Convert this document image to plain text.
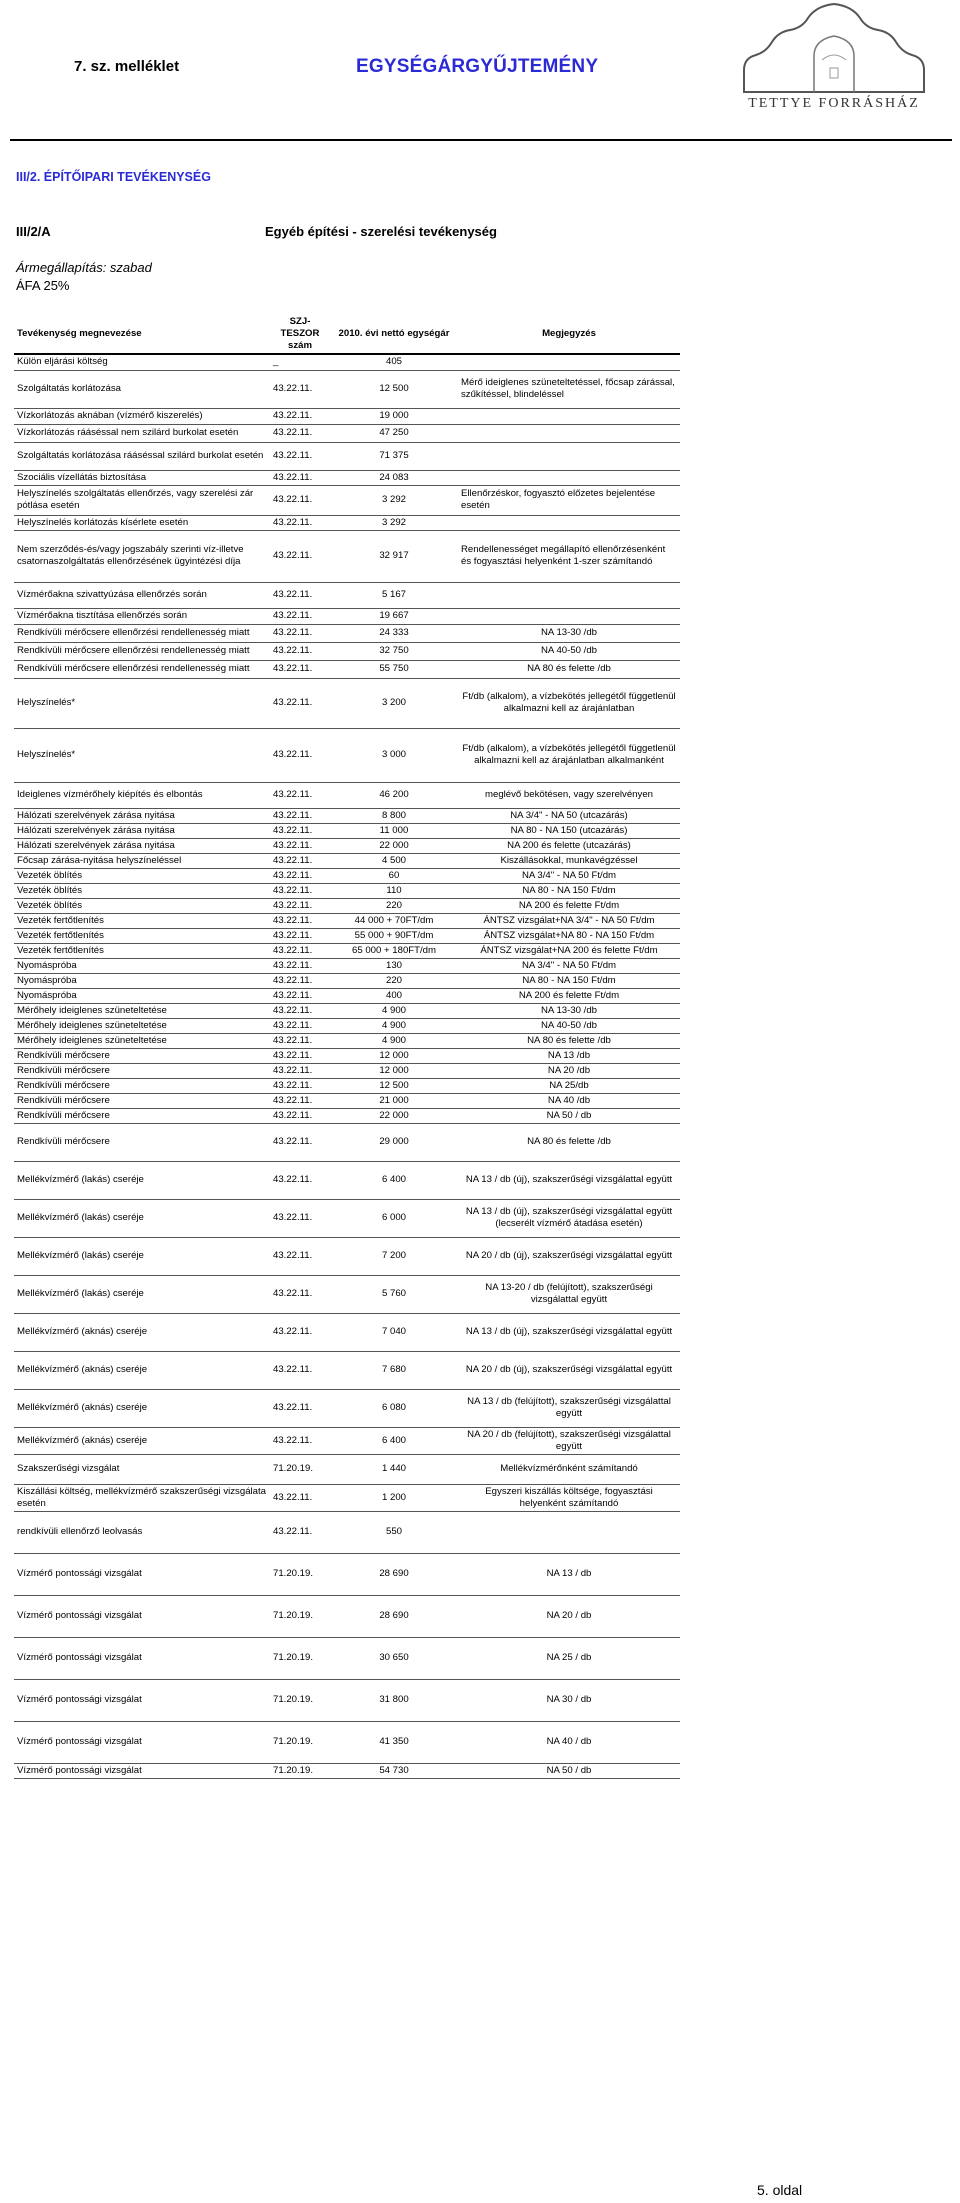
7. sz. melléklet	EGYSÉGÁRGYŰJTEMÉNY
TETTYE FORRÁSHÁZ
III/2. ÉPÍTŐIPARI TEVÉKENYSÉG
III/2/A	Egyéb építési - szerelési tevékenység
Ármegállapítás: szabad
ÁFA 25%
Tevékenység megnevezése	SZJ-TESZOR szám	2010. évi nettó egységár	Megjegyzés
Külön eljárási költség	_	405	
Szolgáltatás korlátozása	43.22.11.	12 500	Mérő ideiglenes szüneteltetéssel, főcsap zárással, szűkítéssel, blindeléssel
Vízkorlátozás aknában (vízmérő kiszerelés)	43.22.11.	19 000	
Vízkorlátozás rááséssal nem szilárd burkolat esetén	43.22.11.	47 250	
Szolgáltatás korlátozása rááséssal szilárd burkolat esetén	43.22.11.	71 375	
Szociális vízellátás biztosítása	43.22.11.	24 083	
Helyszínelés szolgáltatás ellenőrzés, vagy szerelési zár pótlása esetén	43.22.11.	3 292	Ellenőrzéskor, fogyasztó előzetes bejelentése esetén
Helyszínelés korlátozás kísérlete esetén	43.22.11.	3 292	
Nem szerződés-és/vagy jogszabály szerinti víz-illetve csatornaszolgáltatás ellenőrzésének ügyintézési díja	43.22.11.	32 917	Rendellenességet megállapító ellenőrzésenként és fogyasztási helyenként 1-szer számítandó
Vízmérőakna szivattyúzása ellenőrzés során	43.22.11.	5 167	
Vízmérőakna tisztítása ellenőrzés során	43.22.11.	19 667	
Rendkívüli mérőcsere ellenőrzési rendellenesség miatt	43.22.11.	24 333	NA 13-30 /db
Rendkívüli mérőcsere ellenőrzési rendellenesség miatt	43.22.11.	32 750	NA 40-50 /db
Rendkívüli mérőcsere ellenőrzési rendellenesség miatt	43.22.11.	55 750	NA 80 és felette /db
Helyszínelés*	43.22.11.	3 200	Ft/db (alkalom), a vízbekötés jellegétől függetlenül alkalmazni kell az árajánlatban
Helyszínelés*	43.22.11.	3 000	Ft/db (alkalom), a vízbekötés jellegétől függetlenül alkalmazni kell az árajánlatban alkalmanként
Ideiglenes vízmérőhely kiépítés és elbontás	43.22.11.	46 200	meglévő bekötésen, vagy szerelvényen
Hálózati szerelvények zárása nyitása	43.22.11.	8 800	NA 3/4" - NA 50 (utcazárás)
Hálózati szerelvények zárása nyitása	43.22.11.	11 000	NA 80 - NA 150 (utcazárás)
Hálózati szerelvények zárása nyitása	43.22.11.	22 000	NA 200 és felette (utcazárás)
Főcsap zárása-nyitása helyszíneléssel	43.22.11.	4 500	Kiszállásokkal, munkavégzéssel
Vezeték öblítés	43.22.11.	60	NA 3/4" - NA 50 Ft/dm
Vezeték öblítés	43.22.11.	110	NA 80 - NA 150 Ft/dm
Vezeték öblítés	43.22.11.	220	NA 200 és felette Ft/dm
Vezeték fertőtlenítés	43.22.11.	44 000 + 70FT/dm	ÁNTSZ vizsgálat+NA 3/4" - NA 50 Ft/dm
Vezeték fertőtlenítés	43.22.11.	55 000 + 90FT/dm	ÁNTSZ vizsgálat+NA 80 - NA 150 Ft/dm
Vezeték fertőtlenítés	43.22.11.	65 000 + 180FT/dm	ÁNTSZ vizsgálat+NA 200 és felette Ft/dm
Nyomáspróba	43.22.11.	130	NA 3/4" - NA 50 Ft/dm
Nyomáspróba	43.22.11.	220	NA 80 - NA 150 Ft/dm
Nyomáspróba	43.22.11.	400	NA 200 és felette Ft/dm
Mérőhely ideiglenes szüneteltetése	43.22.11.	4 900	NA 13-30 /db
Mérőhely ideiglenes szüneteltetése	43.22.11.	4 900	NA 40-50 /db
Mérőhely ideiglenes szüneteltetése	43.22.11.	4 900	NA 80 és felette /db
Rendkívüli mérőcsere	43.22.11.	12 000	NA 13 /db
Rendkívüli mérőcsere	43.22.11.	12 000	NA 20 /db
Rendkívüli mérőcsere	43.22.11.	12 500	NA 25/db
Rendkívüli mérőcsere	43.22.11.	21 000	NA 40 /db
Rendkívüli mérőcsere	43.22.11.	22 000	NA 50 / db
Rendkívüli mérőcsere	43.22.11.	29 000	NA 80 és felette /db
Mellékvízmérő (lakás) cseréje	43.22.11.	6 400	NA 13 / db (új), szakszerűségi vizsgálattal együtt
Mellékvízmérő (lakás) cseréje	43.22.11.	6 000	NA 13 / db (új), szakszerűségi vizsgálattal együtt (lecserélt vízmérő átadása esetén)
Mellékvízmérő (lakás) cseréje	43.22.11.	7 200	NA 20 / db (új), szakszerűségi vizsgálattal együtt
Mellékvízmérő (lakás) cseréje	43.22.11.	5 760	NA 13-20 / db (felújított), szakszerűségi vizsgálattal együtt
Mellékvízmérő (aknás) cseréje	43.22.11.	7 040	NA 13 / db (új), szakszerűségi vizsgálattal együtt
Mellékvízmérő (aknás) cseréje	43.22.11.	7 680	NA 20 / db (új), szakszerűségi vizsgálattal együtt
Mellékvízmérő (aknás) cseréje	43.22.11.	6 080	NA 13 / db (felújított), szakszerűségi vizsgálattal együtt
Mellékvízmérő (aknás) cseréje	43.22.11.	6 400	NA 20 / db (felújított), szakszerűségi vizsgálattal együtt
Szakszerűségi vizsgálat	71.20.19.	1 440	Mellékvízmérőnként számítandó
Kiszállási költség, mellékvízmérő szakszerűségi vizsgálata esetén	43.22.11.	1 200	Egyszeri kiszállás költsége, fogyasztási helyenként számítandó
rendkívüli ellenőrző leolvasás	43.22.11.	550	
Vízmérő pontossági vizsgálat	71.20.19.	28 690	NA 13 / db
Vízmérő pontossági vizsgálat	71.20.19.	28 690	NA 20 / db
Vízmérő pontossági vizsgálat	71.20.19.	30 650	NA 25 / db
Vízmérő pontossági vizsgálat	71.20.19.	31 800	NA 30 / db
Vízmérő pontossági vizsgálat	71.20.19.	41 350	NA 40 / db
Vízmérő pontossági vizsgálat	71.20.19.	54 730	NA 50 / db
5. oldal
